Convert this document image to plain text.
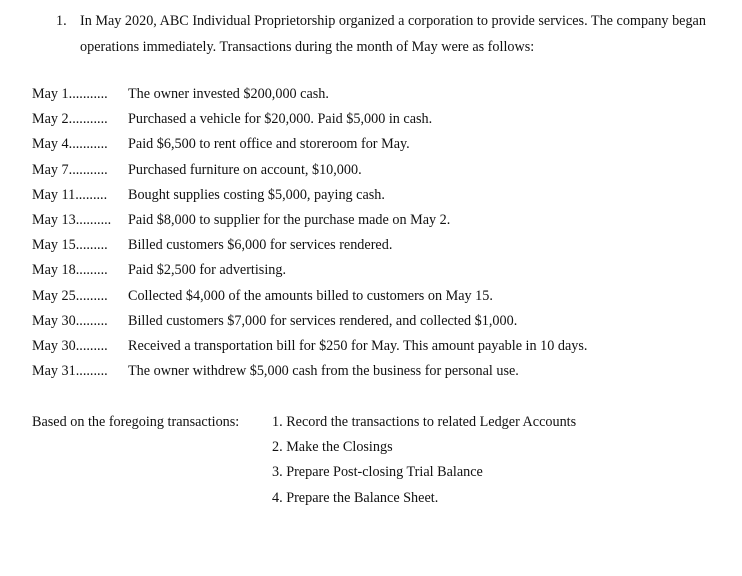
1. In May 2020, ABC Individual Proprietorship organized a corporation to provide services. The company began operations immediately. Transactions during the month of May were as follows:
May 1........... The owner invested $200,000 cash.
May 2........... Purchased a vehicle for $20,000. Paid $5,000 in cash.
May 4........... Paid $6,500 to rent office and storeroom for May.
May 7........... Purchased furniture on account, $10,000.
May 11......... Bought supplies costing $5,000, paying cash.
May 13.......... Paid $8,000 to supplier for the purchase made on May 2.
May 15......... Billed customers $6,000 for services rendered.
May 18......... Paid $2,500 for advertising.
May 25......... Collected $4,000 of the amounts billed to customers on May 15.
May 30......... Billed customers $7,000 for services rendered, and collected $1,000.
May 30......... Received a transportation bill for $250 for May. This amount payable in 10 days.
May 31......... The owner withdrew $5,000 cash from the business for personal use.
Based on the foregoing transactions: 1. Record the transactions to related Ledger Accounts
2. Make the Closings
3. Prepare Post-closing Trial Balance
4. Prepare the Balance Sheet.
